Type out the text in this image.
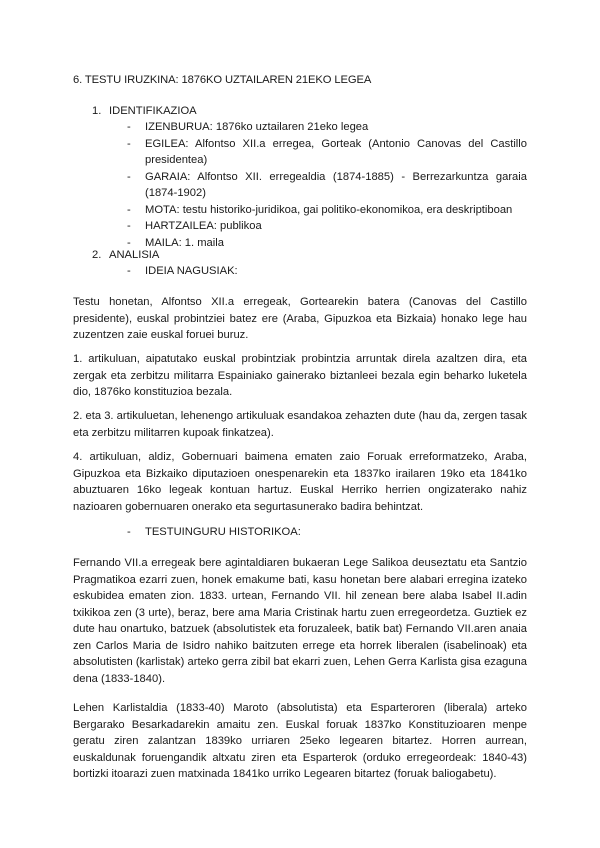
6. TESTU IRUZKINA: 1876KO UZTAILAREN 21EKO LEGEA
1. IDENTIFIKAZIOA
- IZENBURUA: 1876ko uztailaren 21eko legea
- EGILEA: Alfontso XII.a erregea, Gorteak (Antonio Canovas del Castillo presidentea)
- GARAIA: Alfontso XII. erregealdia (1874-1885) - Berrezarkuntza garaia (1874-1902)
- MOTA: testu historiko-juridikoa, gai politiko-ekonomikoa, era deskriptiboan
- HARTZAILEA: publikoa
- MAILA: 1. maila
2. ANALISIA
- IDEIA NAGUSIAK:
Testu honetan, Alfontso XII.a erregeak, Gortearekin batera (Canovas del Castillo presidente), euskal probintziei batez ere (Araba, Gipuzkoa eta Bizkaia) honako lege hau zuzentzen zaie euskal foruei buruz.
1. artikuluan, aipatutako euskal probintziak probintzia arruntak direla azaltzen dira, eta zergak eta zerbitzu militarra Espainiako gainerako biztanleei bezala egin beharko luketela dio, 1876ko konstituzioa bezala.
2. eta 3. artikuluetan, lehenengo artikuluak esandakoa zehazten dute (hau da, zergen tasak eta zerbitzu militarren kupoak finkatzea).
4. artikuluan, aldiz, Gobernuari baimena ematen zaio Foruak erreformatzeko, Araba, Gipuzkoa eta Bizkaiko diputazioen onespenarekin eta 1837ko irailaren 19ko eta 1841ko abuztuaren 16ko legeak kontuan hartuz. Euskal Herriko herrien ongizaterako nahiz nazioaren gobernuaren onerako eta segurtasunerako badira behintzat.
- TESTUINGURU HISTORIKOA:
Fernando VII.a erregeak bere agintaldiaren bukaeran Lege Salikoa deuseztatu eta Santzio Pragmatikoa ezarri zuen, honek emakume bati, kasu honetan bere alabari erregina izateko eskubidea ematen zion. 1833. urtean, Fernando VII. hil zenean bere alaba Isabel II.adin txikikoa zen (3 urte), beraz, bere ama Maria Cristinak hartu zuen erregeordetza. Guztiek ez dute hau onartuko, batzuek (absolutistek eta foruzaleek, batik bat) Fernando VII.aren anaia zen Carlos Maria de Isidro nahiko baitzuten errege eta horrek liberalen (isabelinoak) eta absolutisten (karlistak) arteko gerra zibil bat ekarri zuen, Lehen Gerra Karlista gisa ezaguna dena (1833-1840).
Lehen Karlistaldia (1833-40) Maroto (absolutista) eta Esparteroren (liberala) arteko Bergarako Besarkadarekin amaitu zen. Euskal foruak 1837ko Konstituzioaren menpe geratu ziren zalantzan 1839ko urriaren 25eko legearen bitartez. Horren aurrean, euskaldunak foruengandik altxatu ziren eta Esparterok (orduko erregeordeak: 1840-43) bortizki itoarazi zuen matxinada 1841ko urriko Legearen bitartez (foruak baliogabetu).
